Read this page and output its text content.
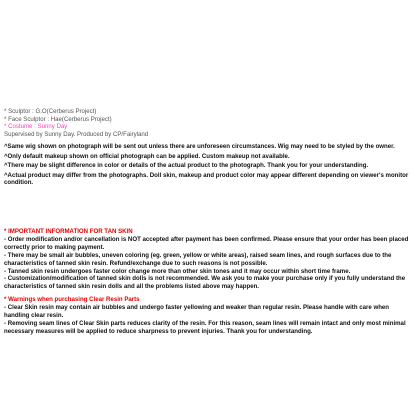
* Sculptor : G.O(Cerberus Project)
* Face Sculptor : Hae(Cerberus Project)
* Costume : Sunny Day
Supervised by Sunny Day. Produced by CP/Fairyland
^Same wig shown on photograph will be sent out unless there are unforeseen circumstances. Wig may need to be styled by the owner.
^Only default makeup shown on official photograph can be applied. Custom makeup not available.
^There may be slight difference in color or details of the actual product to the photograph. Thank you for your understanding.
^Actual product may differ from the photographs. Doll skin, makeup and product color may appear different depending on viewer's monitor condition.
* IMPORTANT INFORMATION FOR TAN SKIN
- Order modification and/or cancellation is NOT accepted after payment has been confirmed. Please ensure that your order has been placed correctly prior to making payment.
- There may be small air bubbles, uneven coloring (eg. green, yellow or white areas), raised seam lines, and rough surfaces due to the characteristics of tanned skin resin. Refund/exchange due to such reasons is not possible.
- Tanned skin resin undergoes faster color change more than other skin tones and it may occur within short time frame.
- Customization/modification of tanned skin dolls is not recommended. We ask you to make your purchase only if you fully understand the characteristics of tanned skin resin dolls and all the problems listed above may happen.
* Warnings when purchasing Clear Resin Parts
- Clear Skin resin may contain air bubbles and undergo faster yellowing and weaker than regular resin. Please handle with care when handling clear resin.
- Removing seam lines of Clear Skin parts reduces clarity of the resin. For this reason, seam lines will remain intact and only most minimal necessary measures will be applied to reduce sharpness to prevent injuries. Thank you for understanding.
